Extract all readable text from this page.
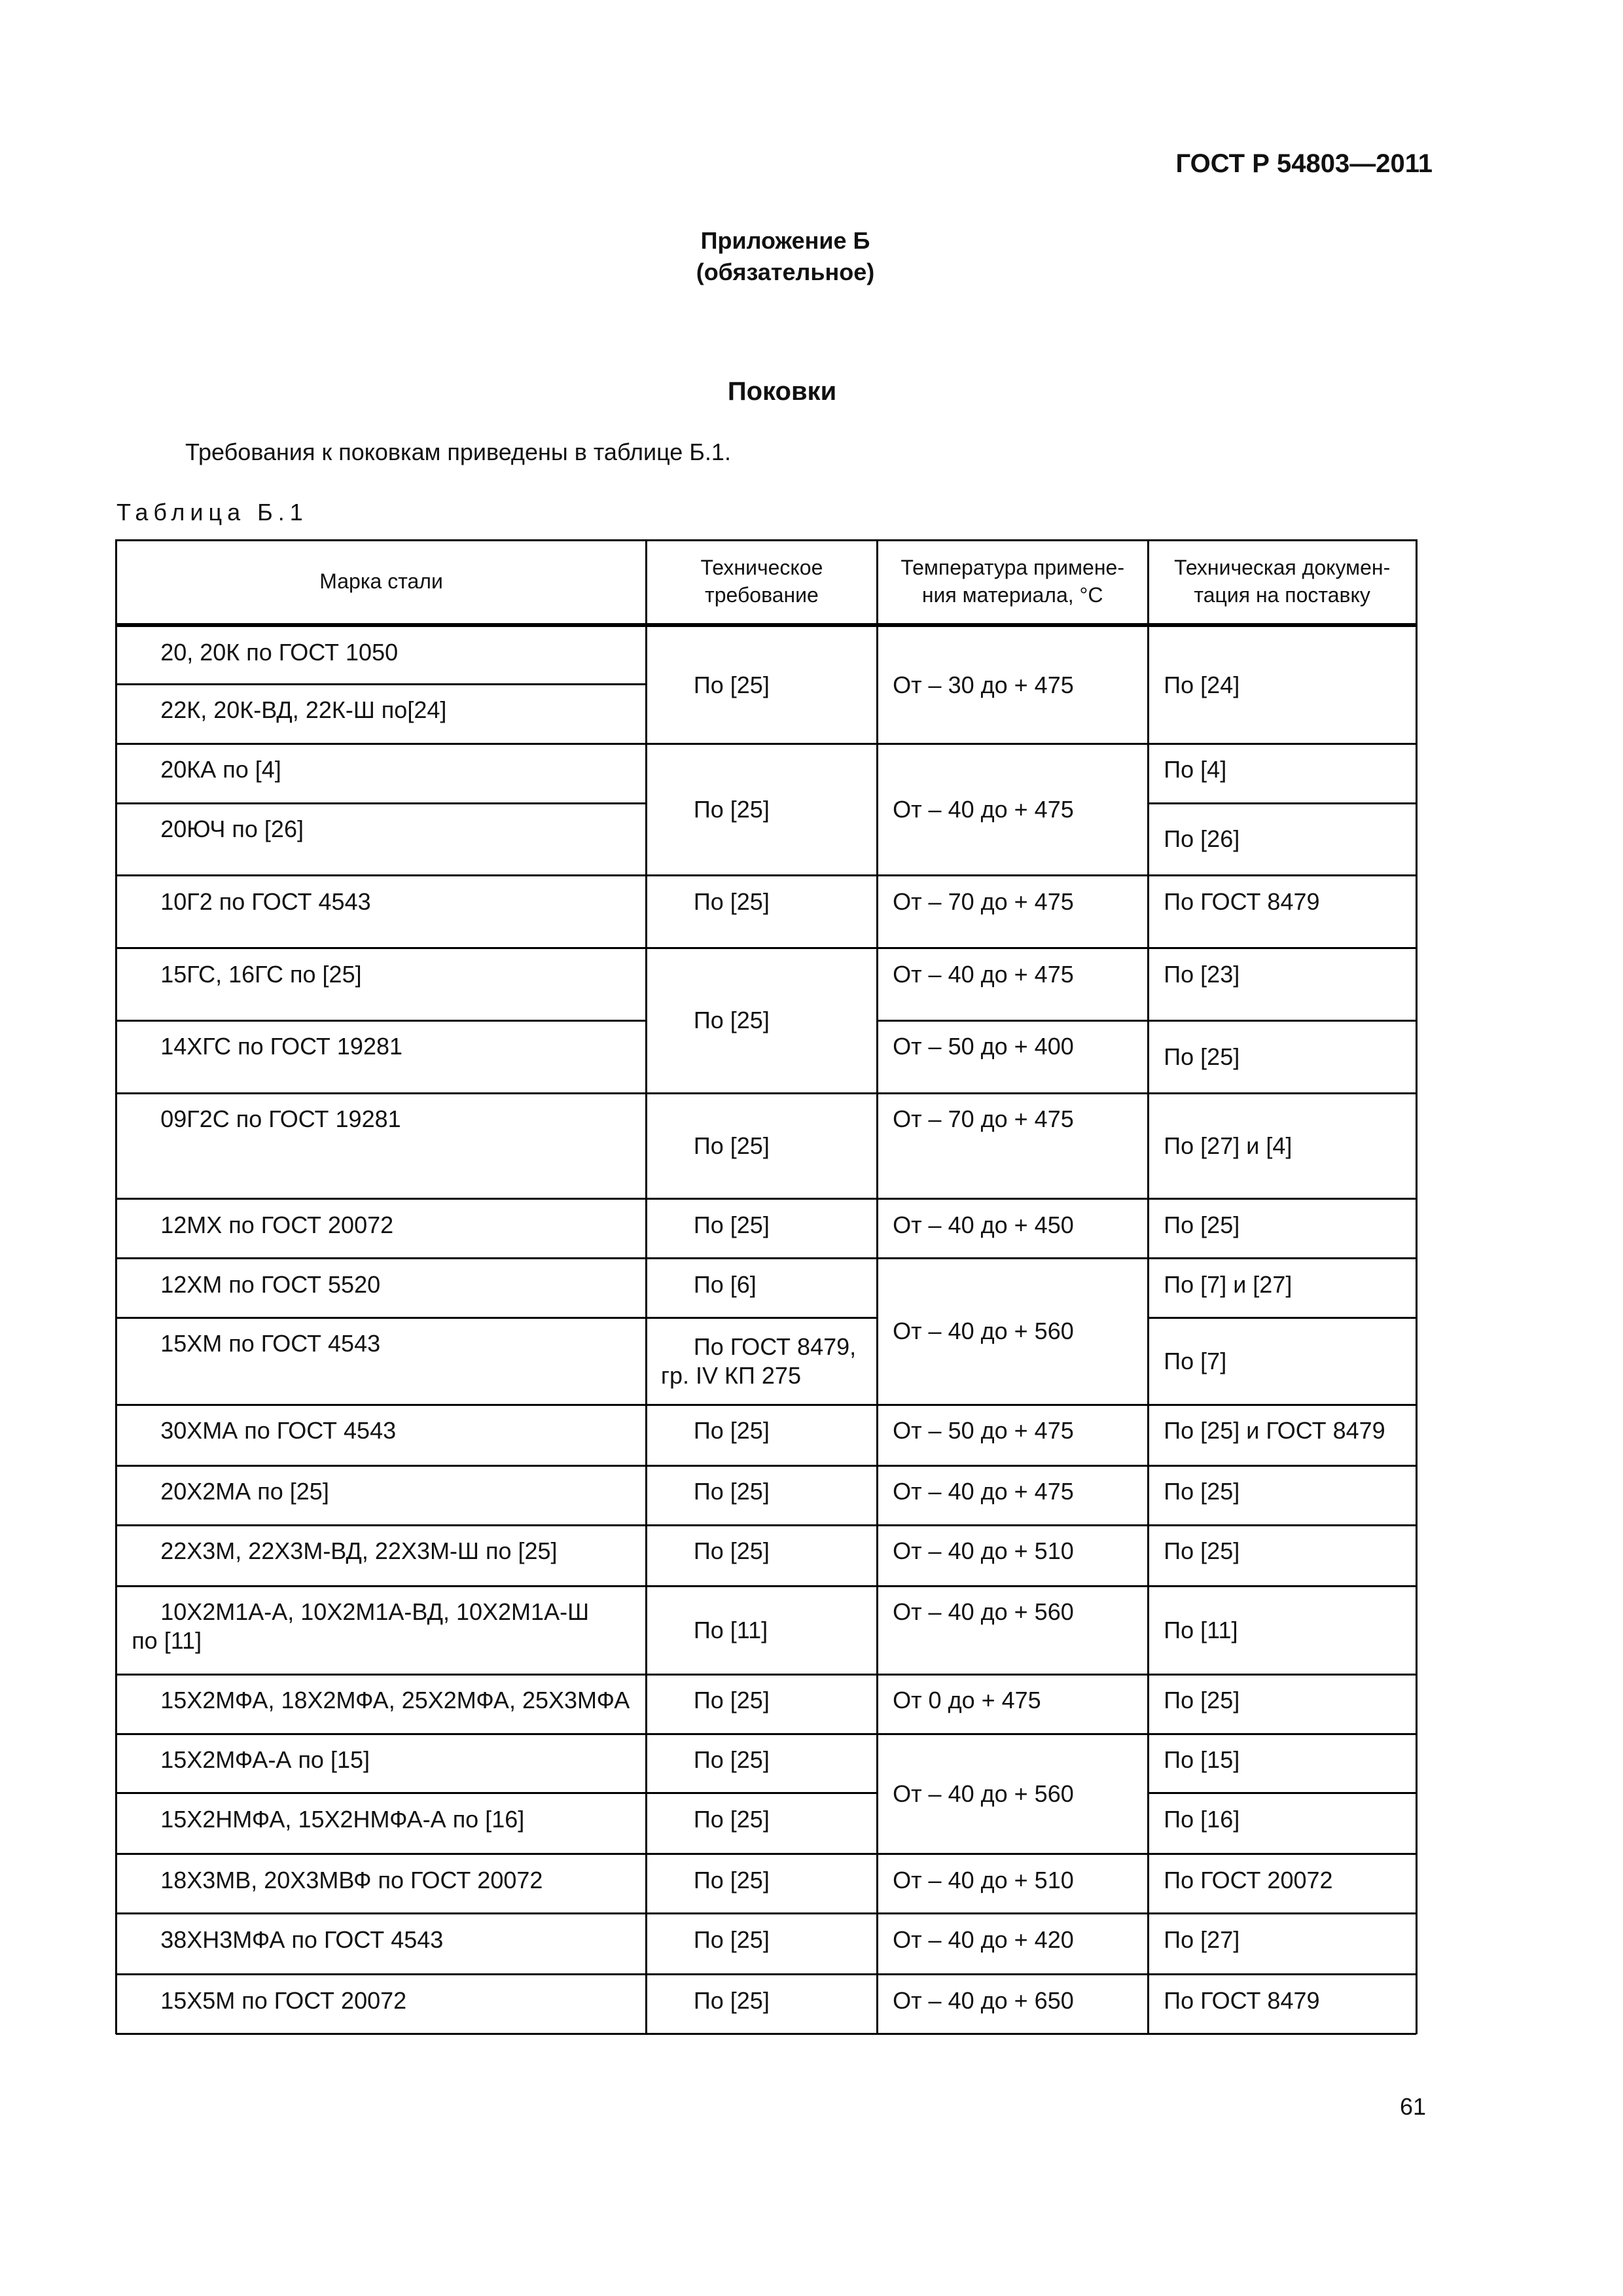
ГОСТ Р 54803—2011
Приложение Б
(обязательное)
Поковки
Требования к поковкам приведены в таблице Б.1.
Таблица Б.1
Марка стали
Техническое
требование
Температура примене-
ния материала, °С
Техническая докумен-
тация на поставку
20, 20К по ГОСТ 1050
22К, 20К-ВД, 22К-Ш по[24]
20КА по [4]
20ЮЧ по [26]
10Г2 по ГОСТ 4543
15ГС, 16ГС по [25]
14ХГС по ГОСТ 19281
09Г2С по ГОСТ 19281
12МХ по ГОСТ 20072
12ХМ по ГОСТ 5520
15ХМ по ГОСТ 4543
30ХМА по ГОСТ 4543
20Х2МА по [25]
22Х3М, 22Х3М-ВД, 22Х3М-Ш по [25]
10Х2М1А-А, 10Х2М1А-ВД, 10Х2М1А-Ш
по [11]
15Х2МФА, 18Х2МФА, 25Х2МФА, 25Х3МФА
15Х2МФА-А по [15]
15Х2НМФА, 15Х2НМФА-А по [16]
18Х3МВ, 20Х3МВФ по ГОСТ 20072
38ХН3МФА по ГОСТ 4543
15Х5М по ГОСТ 20072
По [25]
По [25]
По [25]
По [25]
По [25]
По [25]
По [6]
По ГОСТ 8479,
гр. IV КП 275
По [25]
По [25]
По [25]
По [11]
По [25]
По [25]
По [25]
По [25]
По [25]
По [25]
От – 30 до + 475
От – 40 до + 475
От – 70 до + 475
От – 40 до + 475
От – 50 до + 400
От – 70 до + 475
От – 40 до + 450
От – 40 до + 560
От – 50 до + 475
От – 40 до + 475
От – 40 до + 510
От – 40 до + 560
От 0 до + 475
От – 40 до + 560
От – 40 до + 510
От – 40 до + 420
От – 40 до + 650
По [24]
По [4]
По [26]
По ГОСТ 8479
По [23]
По [25]
По [27] и [4]
По [25]
По [7] и [27]
По [7]
По [25] и ГОСТ 8479
По [25]
По [25]
По [11]
По [25]
По [15]
По [16]
По ГОСТ 20072
По [27]
По ГОСТ 8479
61
